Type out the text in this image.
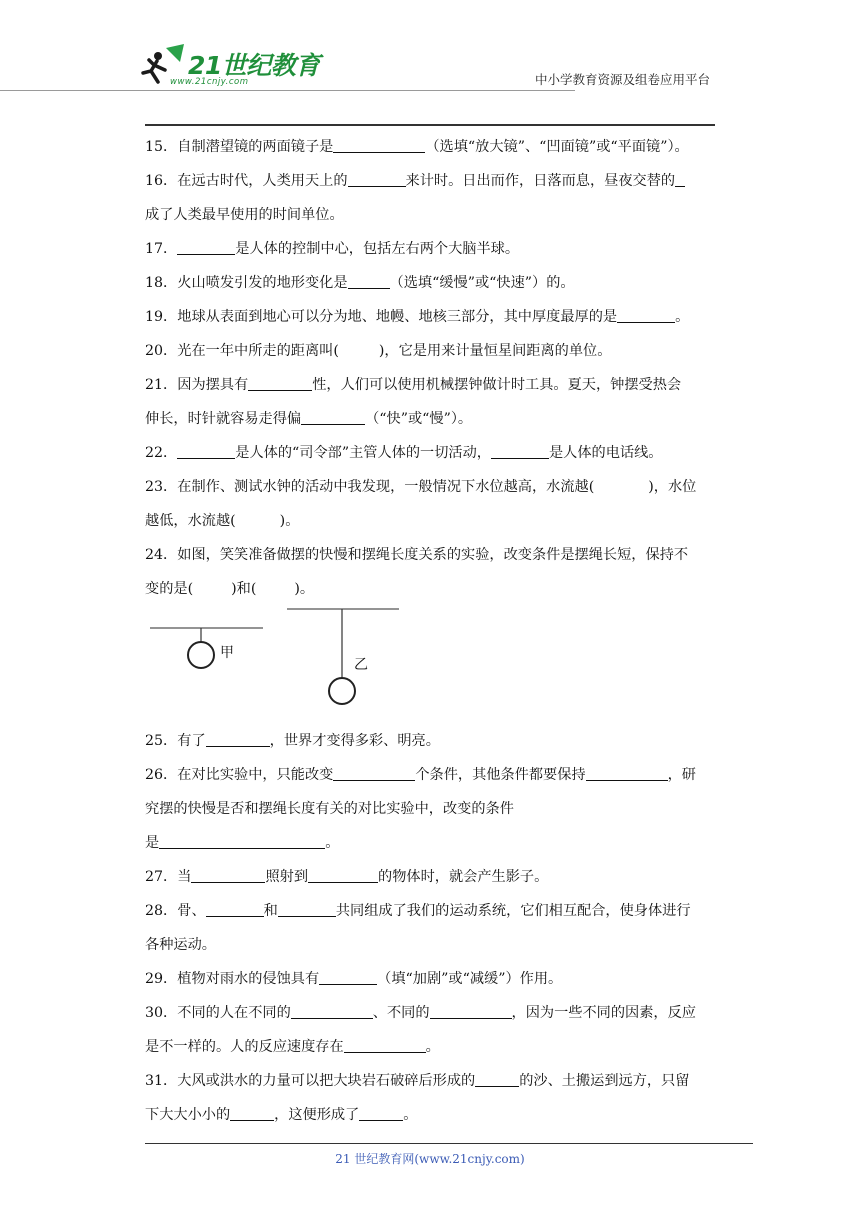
21世纪教育
www.21cnjy.com	中小学教育资源及组卷应用平台
15．自制潜望镜的两面镜子是	（选填“放大镜”、“凹面镜”或“平面镜”）。
16．在远古时代，人类用天上的	来计时。日出而作，日落而息，昼夜交替的
成了人类最早使用的时间单位。
17．	是人体的控制中心，包括左右两个大脑半球。
18．火山喷发引发的地形变化是	（选填“缓慢”或“快速”）的。
19．地球从表面到地心可以分为地、地幔、地核三部分，其中厚度最厚的是	。
20．光在一年中所走的距离叫(	)，它是用来计量恒星间距离的单位。
21．因为摆具有	性，人们可以使用机械摆钟做计时工具。夏天，钟摆受热会
伸长，时针就容易走得偏	（“快”或“慢”）。
22．	是人体的“司令部”主管人体的一切活动，	是人体的电话线。
23．在制作、测试水钟的活动中我发现，一般情况下水位越高，水流越(	)，水位
越低，水流越(	)。
24．如图，笑笑准备做摆的快慢和摆绳长度关系的实验，改变条件是摆绳长短，保持不
变的是(	)和(	)。
甲
乙
25．有了	，世界才变得多彩、明亮。
26．在对比实验中，只能改变	个条件，其他条件都要保持	，研
究摆的快慢是否和摆绳长度有关的对比实验中，改变的条件
是	。
27．当	照射到	的物体时，就会产生影子。
28．骨、	和	共同组成了我们的运动系统，它们相互配合，使身体进行
各种运动。
29．植物对雨水的侵蚀具有	（填“加剧”或“减缓”）作用。
30．不同的人在不同的	、不同的	，因为一些不同的因素，反应
是不一样的。人的反应速度存在	。
31．大风或洪水的力量可以把大块岩石破碎后形成的	的沙、土搬运到远方，只留
下大大小小的	，这便形成了	。
21 世纪教育网(www.21cnjy.com)
